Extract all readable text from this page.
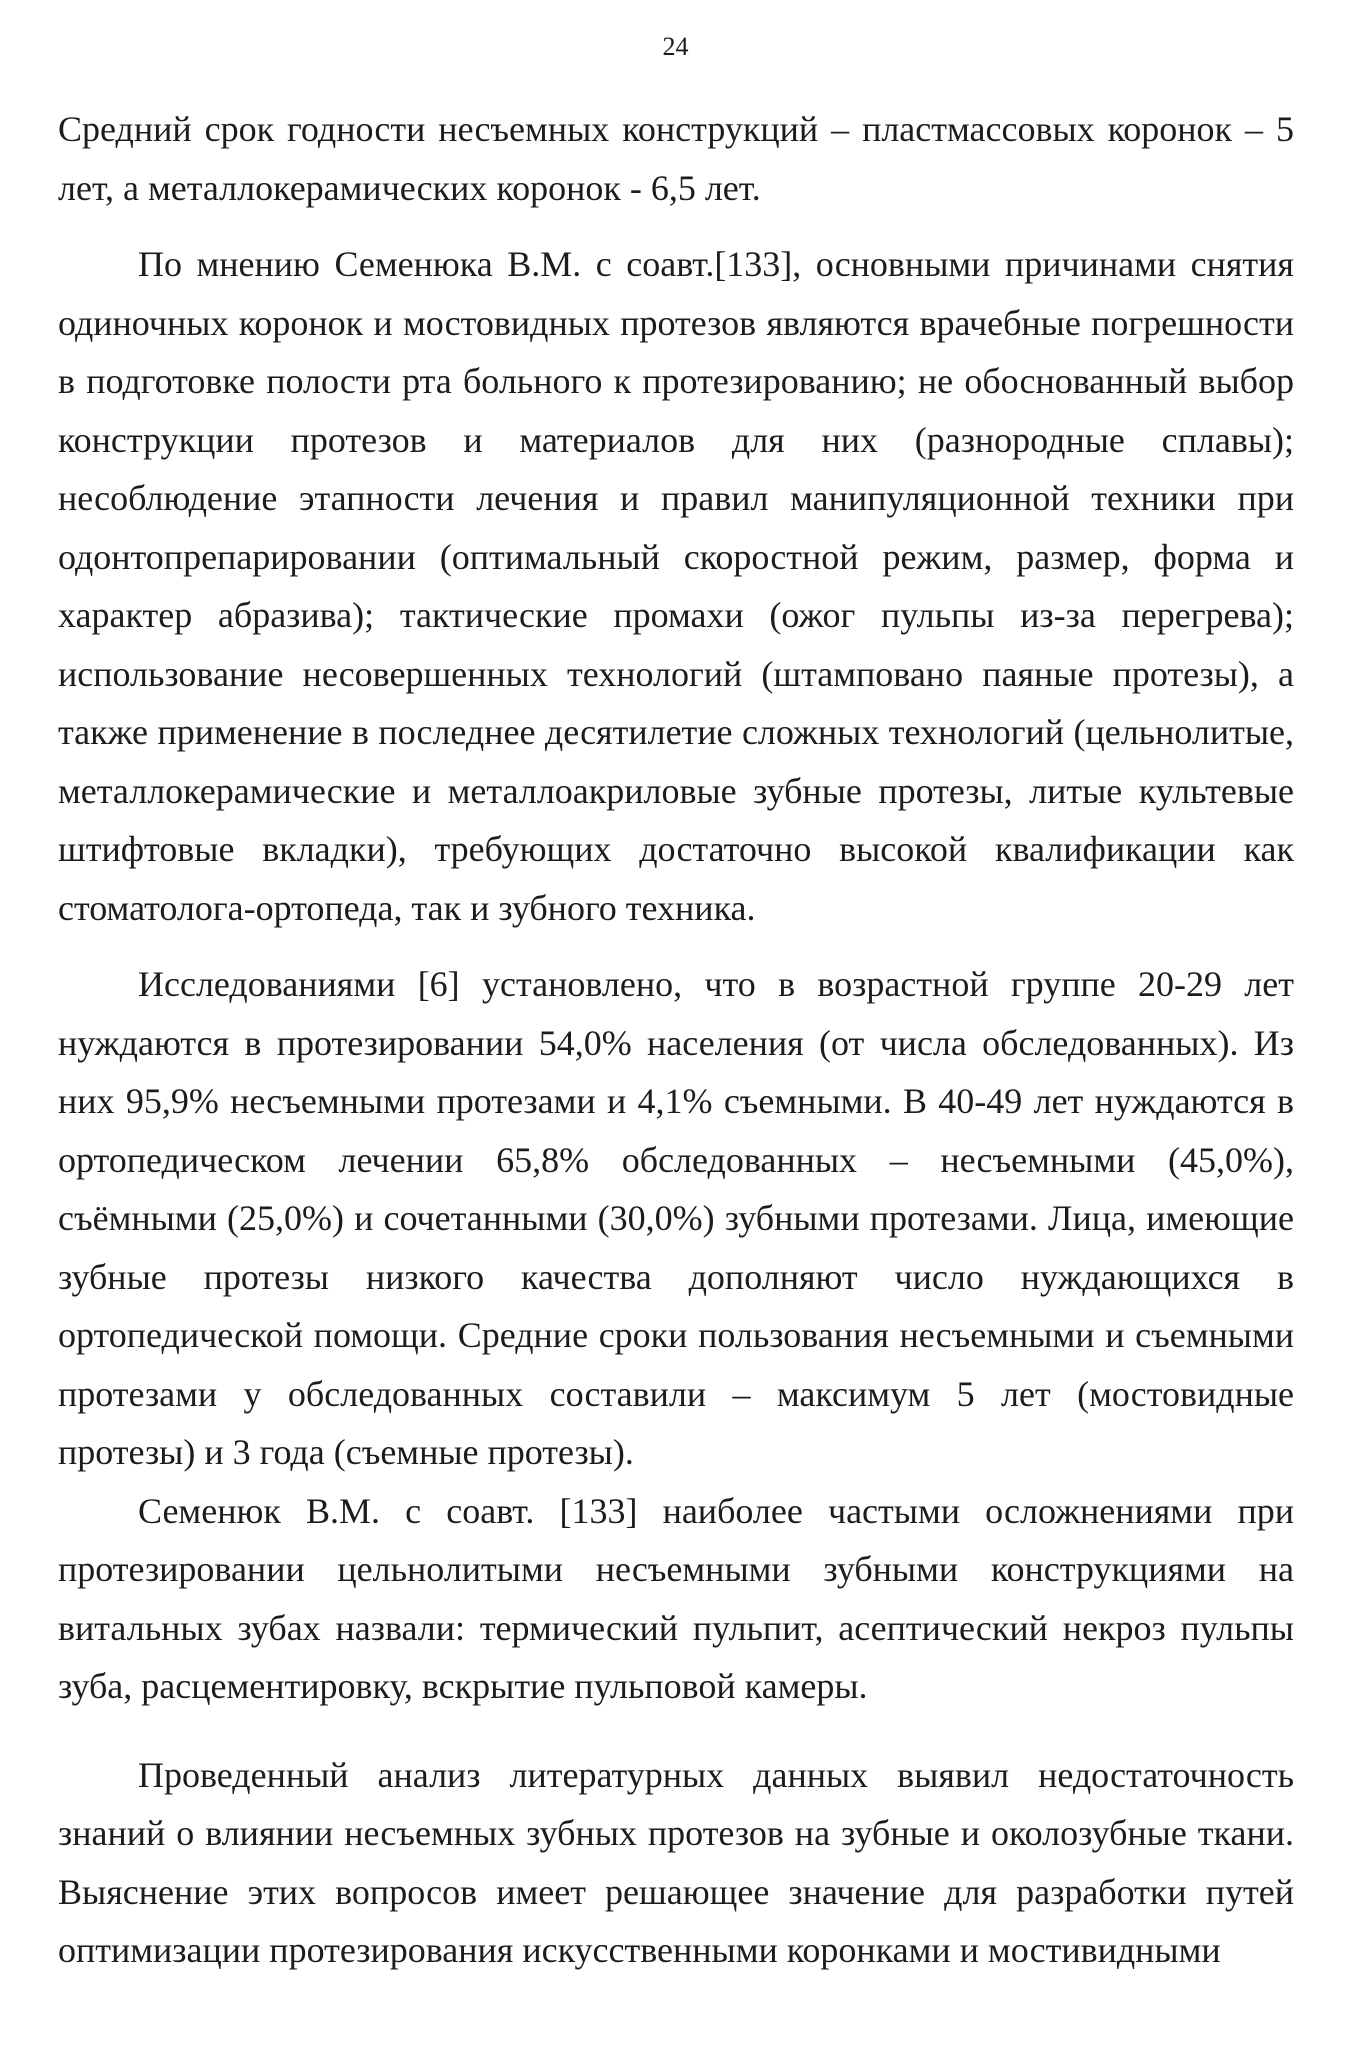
24

Средний срок годности несъемных конструкций – пластмассовых коронок – 5 лет, а металлокерамических коронок - 6,5 лет.

По мнению Семенюка В.М. с соавт.[133], основными причинами снятия одиночных коронок и мостовидных протезов являются врачебные погрешности в подготовке полости рта больного к протезированию; не обоснованный выбор конструкции протезов и материалов для них (разнородные сплавы); несоблюдение этапности лечения и правил манипуляционной техники при одонтопрепарировании (оптимальный скоростной режим, размер, форма и характер абразива); тактические промахи (ожог пульпы из-за перегрева); использование несовершенных технологий (штамповано паяные протезы), а также применение в последнее десятилетие сложных технологий (цельнолитые, металлокерамические и металлоакриловые зубные протезы, литые культевые штифтовые вкладки), требующих достаточно высокой квалификации как стоматолога-ортопеда, так и зубного техника.

Исследованиями [6] установлено, что в возрастной группе 20-29 лет нуждаются в протезировании 54,0% населения (от числа обследованных). Из них 95,9% несъемными протезами и 4,1% съемными. В 40-49 лет нуждаются в ортопедическом лечении 65,8% обследованных – несъемными (45,0%), съёмными (25,0%) и сочетанными (30,0%) зубными протезами. Лица, имеющие зубные протезы низкого качества дополняют число нуждающихся в ортопедической помощи. Средние сроки пользования несъемными и съемными протезами у обследованных составили – максимум 5 лет (мостовидные протезы) и 3 года (съемные протезы).

Семенюк В.М. с соавт. [133] наиболее частыми осложнениями при протезировании цельнолитыми несъемными зубными конструкциями на витальных зубах назвали: термический пульпит, асептический некроз пульпы зуба, расцементировку, вскрытие пульповой камеры.

Проведенный анализ литературных данных выявил недостаточность знаний о влиянии несъемных зубных протезов на зубные и околозубные ткани. Выяснение этих вопросов имеет решающее значение для разработки путей оптимизации протезирования искусственными коронками и мостивидными
